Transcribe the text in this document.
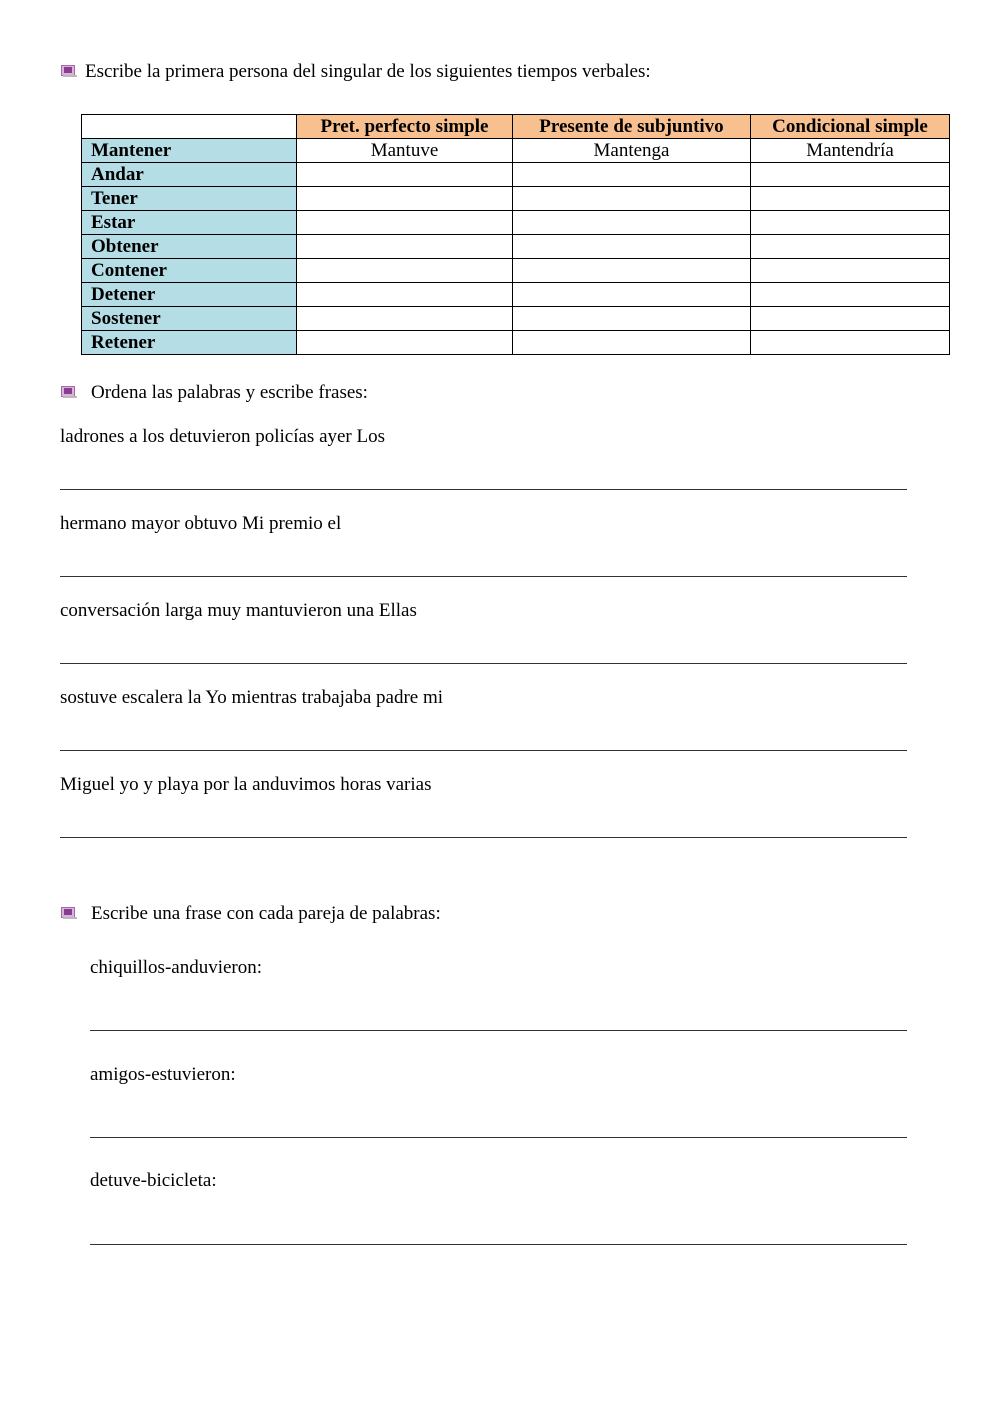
Escribe la primera persona del singular de los siguientes tiempos verbales:
	Pret. perfecto simple	Presente de subjuntivo	Condicional simple
Mantener	Mantuve	Mantenga	Mantendría
Andar			
Tener			
Estar			
Obtener			
Contener			
Detener			
Sostener			
Retener			
Ordena las palabras y escribe frases:
ladrones a los detuvieron policías ayer Los
hermano mayor obtuvo Mi premio el
conversación larga muy mantuvieron una Ellas
sostuve escalera la Yo mientras trabajaba padre mi
Miguel yo y playa por la anduvimos horas varias
Escribe una frase con cada pareja de palabras:
chiquillos-anduvieron:
amigos-estuvieron:
detuve-bicicleta:
